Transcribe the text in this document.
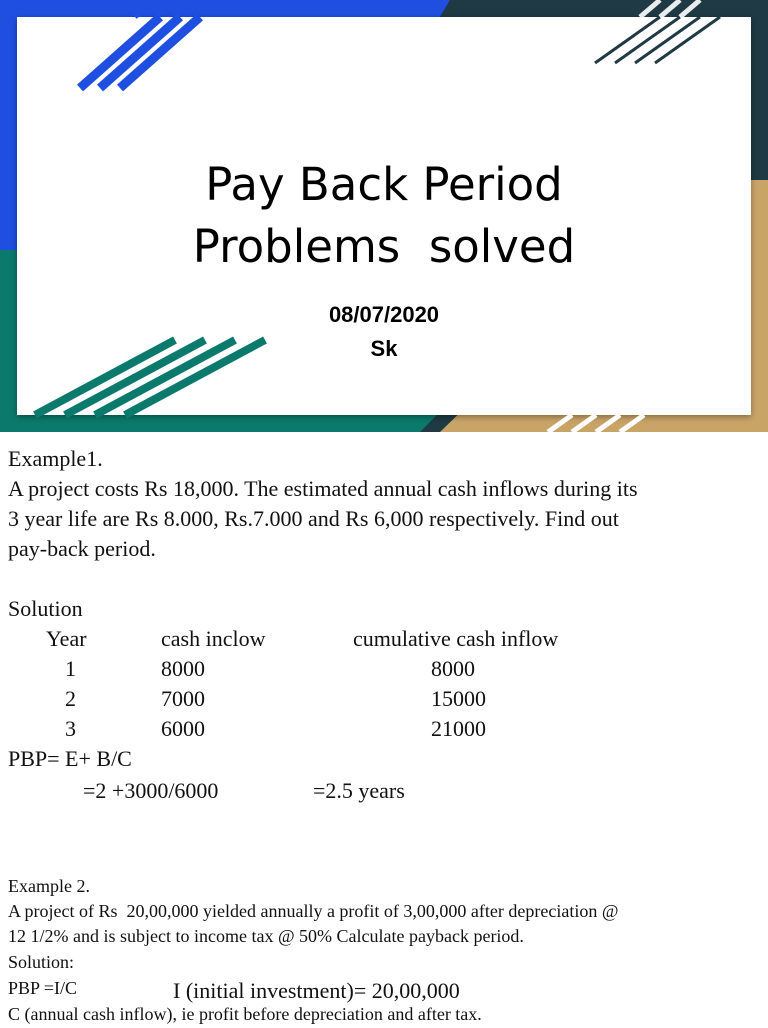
Pay Back Period
Problems  solved
08/07/2020
Sk
Example1.
A project costs Rs 18,000. The estimated annual cash inflows during its
3 year life are Rs 8.000, Rs.7.000 and Rs 6,000 respectively. Find out
pay-back period.
Solution
Year	cash inclow	cumulative cash inflow
1	8000	8000
2	7000	15000
3	6000	21000
PBP= E+ B/C
=2 +3000/6000	=2.5 years
Example 2.
A project of Rs  20,00,000 yielded annually a profit of 3,00,000 after depreciation @
12 1/2% and is subject to income tax @ 50% Calculate payback period.
Solution:
PBP =I/C	I (initial investment)= 20,00,000
C (annual cash inflow), ie profit before depreciation and after tax.
